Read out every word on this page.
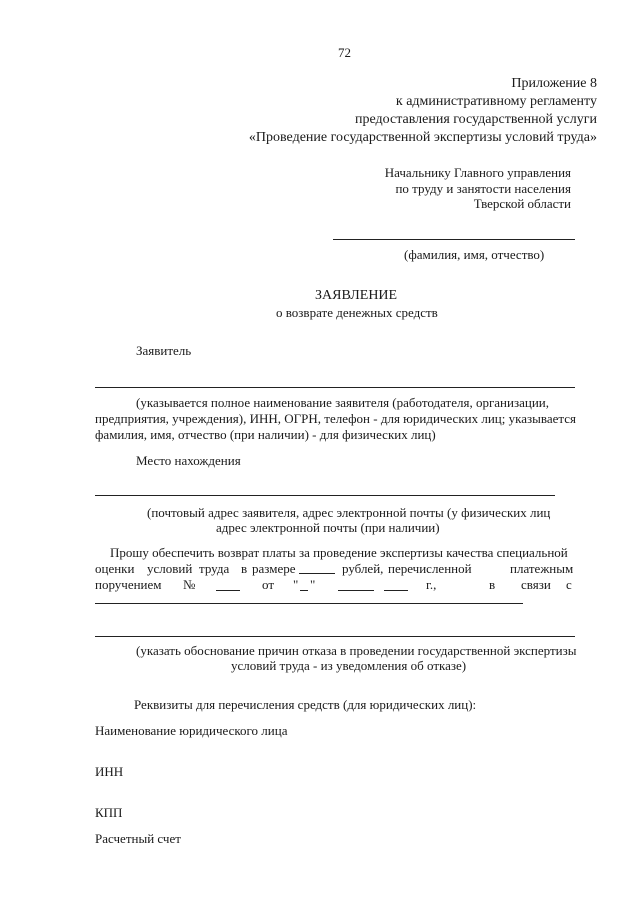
72
Приложение 8
к административному регламенту
предоставления государственной услуги
«Проведение государственной экспертизы условий труда»
Начальнику Главного управления
по труду и занятости населения
Тверской области
(фамилия, имя, отчество)
ЗАЯВЛЕНИЕ
о возврате денежных средств
Заявитель
(указывается полное наименование заявителя (работодателя, организации,
предприятия, учреждения), ИНН, ОГРН, телефон - для юридических лиц; указывается
фамилия, имя, отчество (при наличии) - для физических лиц)
Место нахождения
(почтовый адрес заявителя, адрес электронной почты (у физических лиц
адрес электронной почты (при наличии)
Прошу обеспечить возврат платы за проведение экспертизы качества специальной
оценки условий труда в размере	рублей, перечисленной	платежным
поручением №	от " "	г.,	в связи с
(указать обоснование причин отказа в проведении государственной экспертизы
условий труда - из уведомления об отказе)
Реквизиты для перечисления средств (для юридических лиц):
Наименование юридического лица
ИНН
КПП
Расчетный счет
